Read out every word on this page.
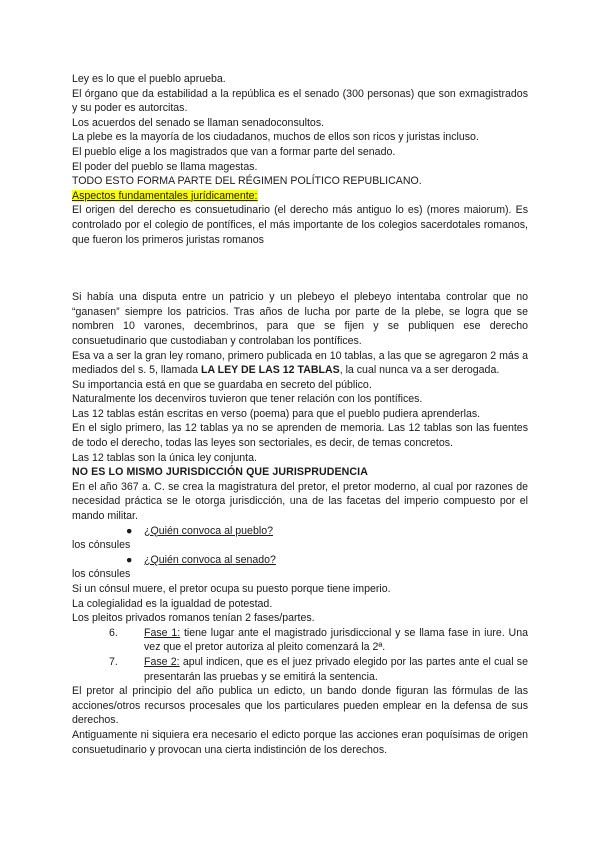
Ley es lo que el pueblo aprueba.

El órgano que da estabilidad a la república es el senado (300 personas) que son exmagistrados y su poder es autorcitas.

Los acuerdos del senado se llaman senadoconsultos.

La plebe es la mayoría de los ciudadanos, muchos de ellos son ricos y juristas incluso.

El pueblo elige a los magistrados que van a formar parte del senado.

El poder del pueblo se llama magestas.

TODO ESTO FORMA PARTE DEL RÉGIMEN POLÍTICO REPUBLICANO.

Aspectos fundamentales jurídicamente:

El origen del derecho es consuetudinario (el derecho más antiguo lo es) (mores maiorum). Es controlado por el colegio de pontífices, el más importante de los colegios sacerdotales romanos, que fueron los primeros juristas romanos

Si había una disputa entre un patricio y un plebeyo el plebeyo intentaba controlar que no “ganasen” siempre los patricios. Tras años de lucha por parte de la plebe, se logra que se nombren 10 varones, decembrinos, para que se fijen y se publiquen ese derecho consuetudinario que custodiaban y controlaban los pontífices.

Esa va a ser la gran ley romano, primero publicada en 10 tablas, a las que se agregaron 2 más a mediados del s. 5, llamada LA LEY DE LAS 12 TABLAS, la cual nunca va a ser derogada.

Su importancia está en que se guardaba en secreto del público.

Naturalmente los decenviros tuvieron que tener relación con los pontífices.

Las 12 tablas están escritas en verso (poema) para que el pueblo pudiera aprenderlas.

En el siglo primero, las 12 tablas ya no se aprenden de memoria. Las 12 tablas son las fuentes de todo el derecho, todas las leyes son sectoriales, es decir, de temas concretos.

Las 12 tablas son la única ley conjunta.

NO ES LO MISMO JURISDICCIÓN QUE JURISPRUDENCIA

En el año 367 a. C. se crea la magistratura del pretor, el pretor moderno, al cual por razones de necesidad práctica se le otorga jurisdicción, una de las facetas del imperio compuesto por el mando militar.

● ¿Quién convoca al pueblo?

los cónsules

● ¿Quién convoca al senado?

los cónsules

Si un cónsul muere, el pretor ocupa su puesto porque tiene imperio.

La colegialidad es la igualdad de potestad.

Los pleitos privados romanos tenían 2 fases/partes.

6. Fase 1: tiene lugar ante el magistrado jurisdiccional y se llama fase in iure. Una vez que el pretor autoriza al pleito comenzará la 2ª.
7. Fase 2: apul indicen, que es el juez privado elegido por las partes ante el cual se presentarán las pruebas y se emitirá la sentencia.

El pretor al principio del año publica un edicto, un bando donde figuran las fórmulas de las acciones/otros recursos procesales que los particulares pueden emplear en la defensa de sus derechos.

Antiguamente ni siquiera era necesario el edicto porque las acciones eran poquísimas de origen consuetudinario y provocan una cierta indistinción de los derechos.
